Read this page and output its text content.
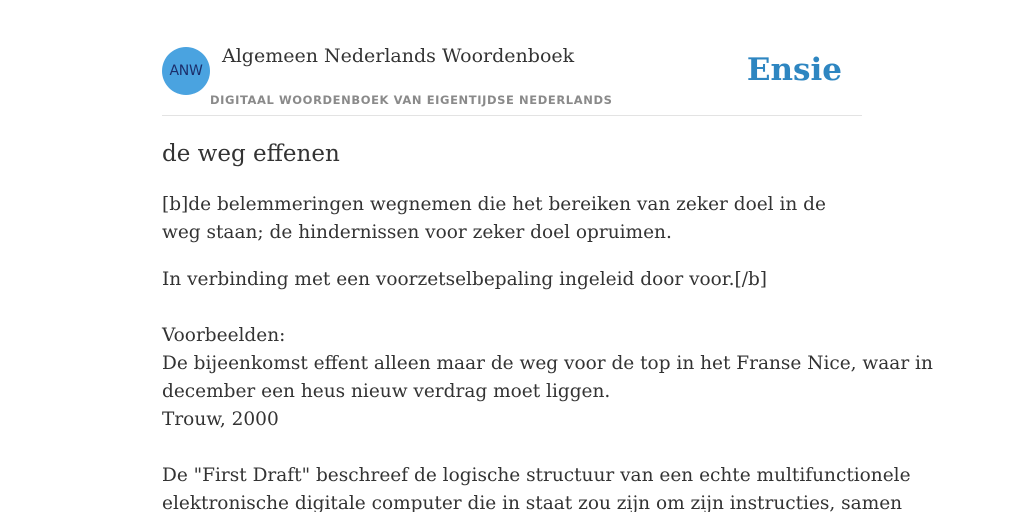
ANW
Algemeen Nederlands Woordenboek
DIGITAAL WOORDENBOEK VAN EIGENTIJDSE NEDERLANDS
Ensie
de weg effenen

[b]de belemmeringen wegnemen die het bereiken van zeker doel in de weg staan; de hindernissen voor zeker doel opruimen.

In verbinding met een voorzetselbepaling ingeleid door voor.[/b]
Voorbeelden:
De bijeenkomst effent alleen maar de weg voor de top in het Franse Nice, waar in
december een heus nieuw verdrag moet liggen.
Trouw, 2000
De "First Draft" beschreef de logische structuur van een echte multifunctionele
elektronische digitale computer die in staat zou zijn om zijn instructies, samen
